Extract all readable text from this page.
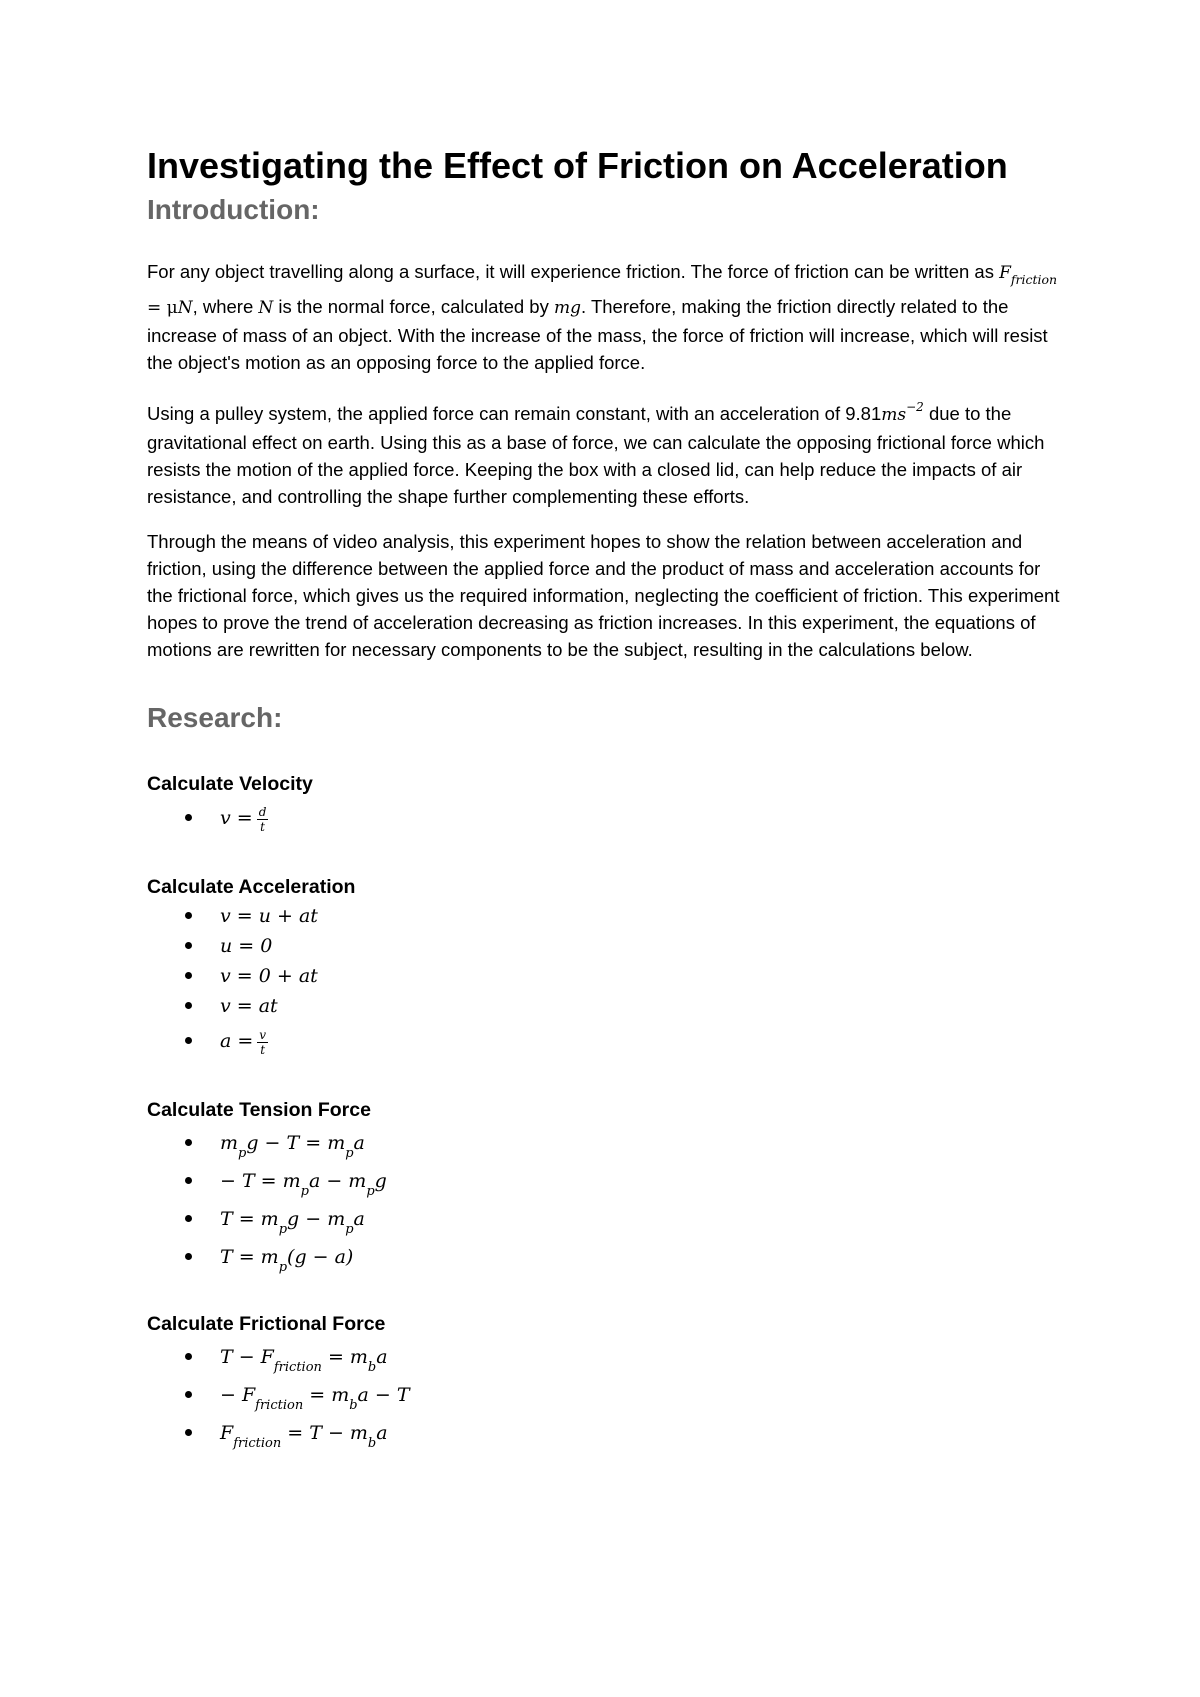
Investigating the Effect of Friction on Acceleration
Introduction:

For any object travelling along a surface, it will experience friction. The force of friction can be written as $F_{friction} = \mu N$, where N is the normal force, calculated by mg. Therefore, making the friction directly related to the increase of mass of an object. With the increase of the mass, the force of friction will increase, which will resist the object's motion as an opposing force to the applied force.

Using a pulley system, the applied force can remain constant, with an acceleration of $9.81ms^{-2}$ due to the gravitational effect on earth. Using this as a base of force, we can calculate the opposing frictional force which resists the motion of the applied force. Keeping the box with a closed lid, can help reduce the impacts of air resistance, and controlling the shape further complementing these efforts.

Through the means of video analysis, this experiment hopes to show the relation between acceleration and friction, using the difference between the applied force and the product of mass and acceleration accounts for the frictional force, which gives us the required information, neglecting the coefficient of friction. This experiment hopes to prove the trend of acceleration decreasing as friction increases. In this experiment, the equations of motions are rewritten for necessary components to be the subject, resulting in the calculations below.

Research:

Calculate Velocity

$v = \frac{d}{t}$

Calculate Acceleration

v = u + at
u = 0
v = 0 + at
v = at
$a = \frac{v}{t}$

Calculate Tension Force

$m_pg - T = m_pa$
− $T = m_pa - m_pg$
$T = m_pg - m_pa$
$T = m_p(g - a)$

Calculate Frictional Force

$T - F_{friction} = m_ba$
− $F_{friction} = m_ba - T$
$F_{friction} = T - m_ba$
